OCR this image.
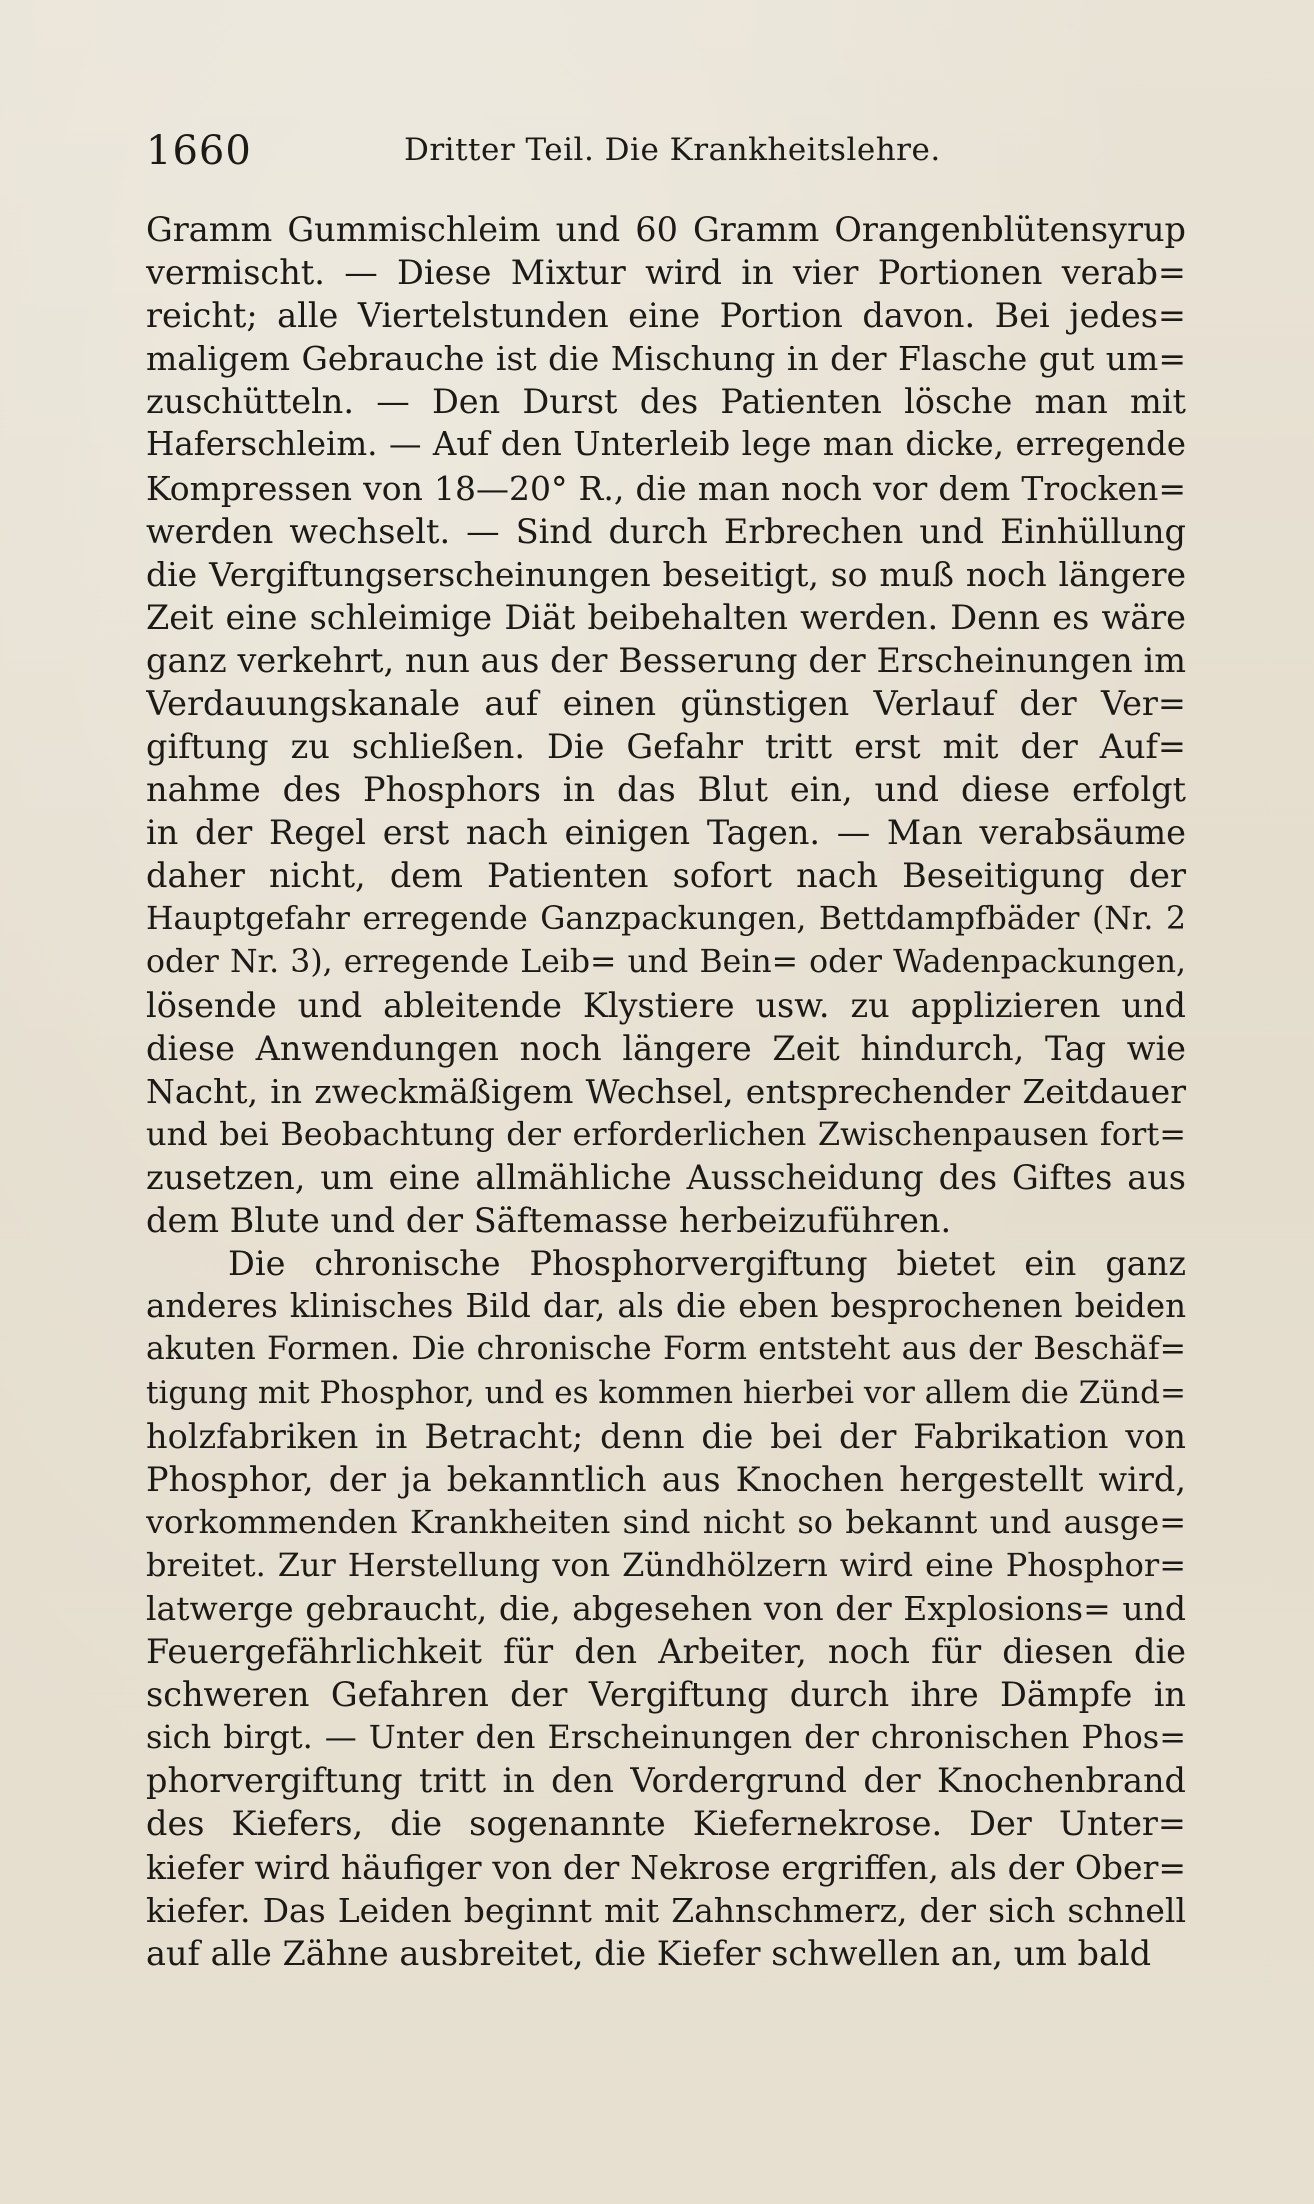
1660	Dritter Teil. Die Krankheitslehre.
Gramm Gummischleim und 60 Gramm Orangenblütensyrup
vermischt. — Diese Mixtur wird in vier Portionen verab=
reicht; alle Viertelstunden eine Portion davon. Bei jedes=
maligem Gebrauche ist die Mischung in der Flasche gut um=
zuschütteln. — Den Durst des Patienten lösche man mit
Haferschleim. — Auf den Unterleib lege man dicke, erregende
Kompressen von 18—20° R., die man noch vor dem Trocken=
werden wechselt. — Sind durch Erbrechen und Einhüllung
die Vergiftungserscheinungen beseitigt, so muß noch längere
Zeit eine schleimige Diät beibehalten werden. Denn es wäre
ganz verkehrt, nun aus der Besserung der Erscheinungen im
Verdauungskanale auf einen günstigen Verlauf der Ver=
giftung zu schließen. Die Gefahr tritt erst mit der Auf=
nahme des Phosphors in das Blut ein, und diese erfolgt
in der Regel erst nach einigen Tagen. — Man verabsäume
daher nicht, dem Patienten sofort nach Beseitigung der
Hauptgefahr erregende Ganzpackungen, Bettdampfbäder (Nr. 2
oder Nr. 3), erregende Leib= und Bein= oder Wadenpackungen,
lösende und ableitende Klystiere usw. zu applizieren und
diese Anwendungen noch längere Zeit hindurch, Tag wie
Nacht, in zweckmäßigem Wechsel, entsprechender Zeitdauer
und bei Beobachtung der erforderlichen Zwischenpausen fort=
zusetzen, um eine allmähliche Ausscheidung des Giftes aus
dem Blute und der Säftemasse herbeizuführen.
Die chronische Phosphorvergiftung bietet ein ganz
anderes klinisches Bild dar, als die eben besprochenen beiden
akuten Formen. Die chronische Form entsteht aus der Beschäf=
tigung mit Phosphor, und es kommen hierbei vor allem die Zünd=
holzfabriken in Betracht; denn die bei der Fabrikation von
Phosphor, der ja bekanntlich aus Knochen hergestellt wird,
vorkommenden Krankheiten sind nicht so bekannt und ausge=
breitet. Zur Herstellung von Zündhölzern wird eine Phosphor=
latwerge gebraucht, die, abgesehen von der Explosions= und
Feuergefährlichkeit für den Arbeiter, noch für diesen die
schweren Gefahren der Vergiftung durch ihre Dämpfe in
sich birgt. — Unter den Erscheinungen der chronischen Phos=
phorvergiftung tritt in den Vordergrund der Knochenbrand
des Kiefers, die sogenannte Kiefernekrose. Der Unter=
kiefer wird häufiger von der Nekrose ergriffen, als der Ober=
kiefer. Das Leiden beginnt mit Zahnschmerz, der sich schnell
auf alle Zähne ausbreitet, die Kiefer schwellen an, um bald
